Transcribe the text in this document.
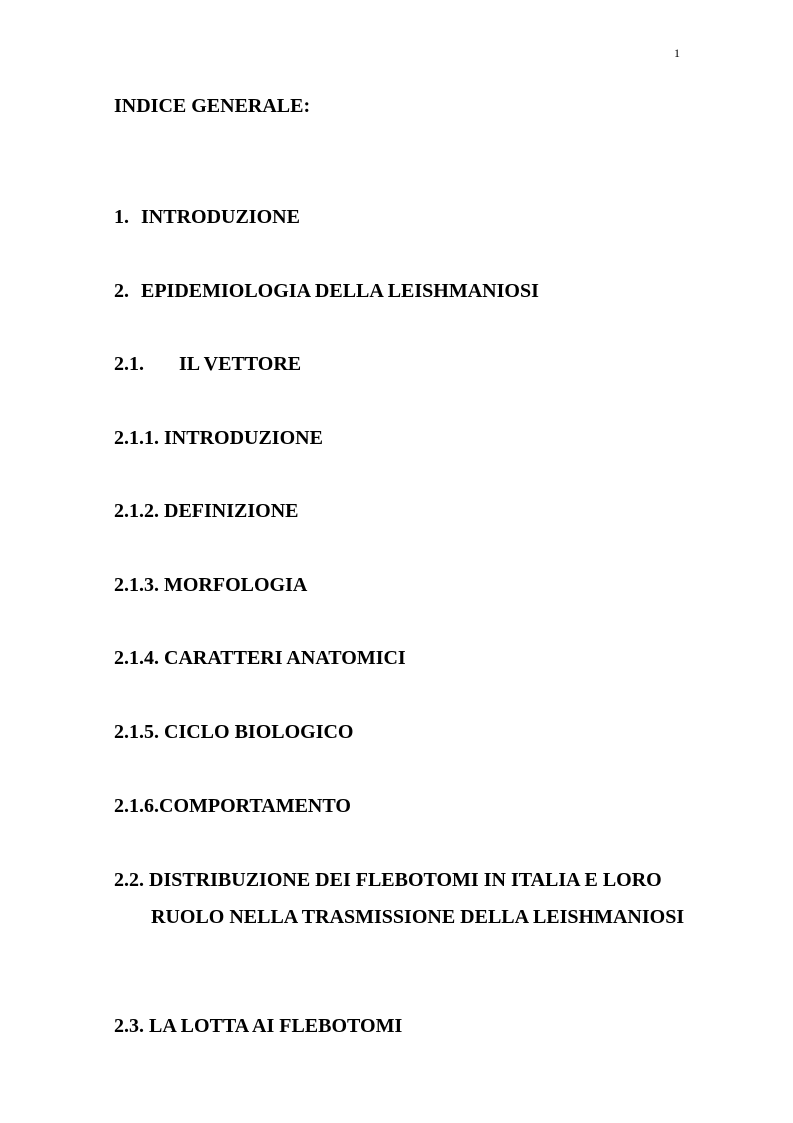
1
INDICE GENERALE:
1. INTRODUZIONE
2. EPIDEMIOLOGIA DELLA LEISHMANIOSI
2.1. IL VETTORE
2.1.1. INTRODUZIONE
2.1.2. DEFINIZIONE
2.1.3. MORFOLOGIA
2.1.4. CARATTERI ANATOMICI
2.1.5. CICLO BIOLOGICO
2.1.6.COMPORTAMENTO
2.2. DISTRIBUZIONE DEI FLEBOTOMI IN ITALIA E LORO RUOLO NELLA TRASMISSIONE DELLA LEISHMANIOSI
2.3. LA LOTTA AI FLEBOTOMI
